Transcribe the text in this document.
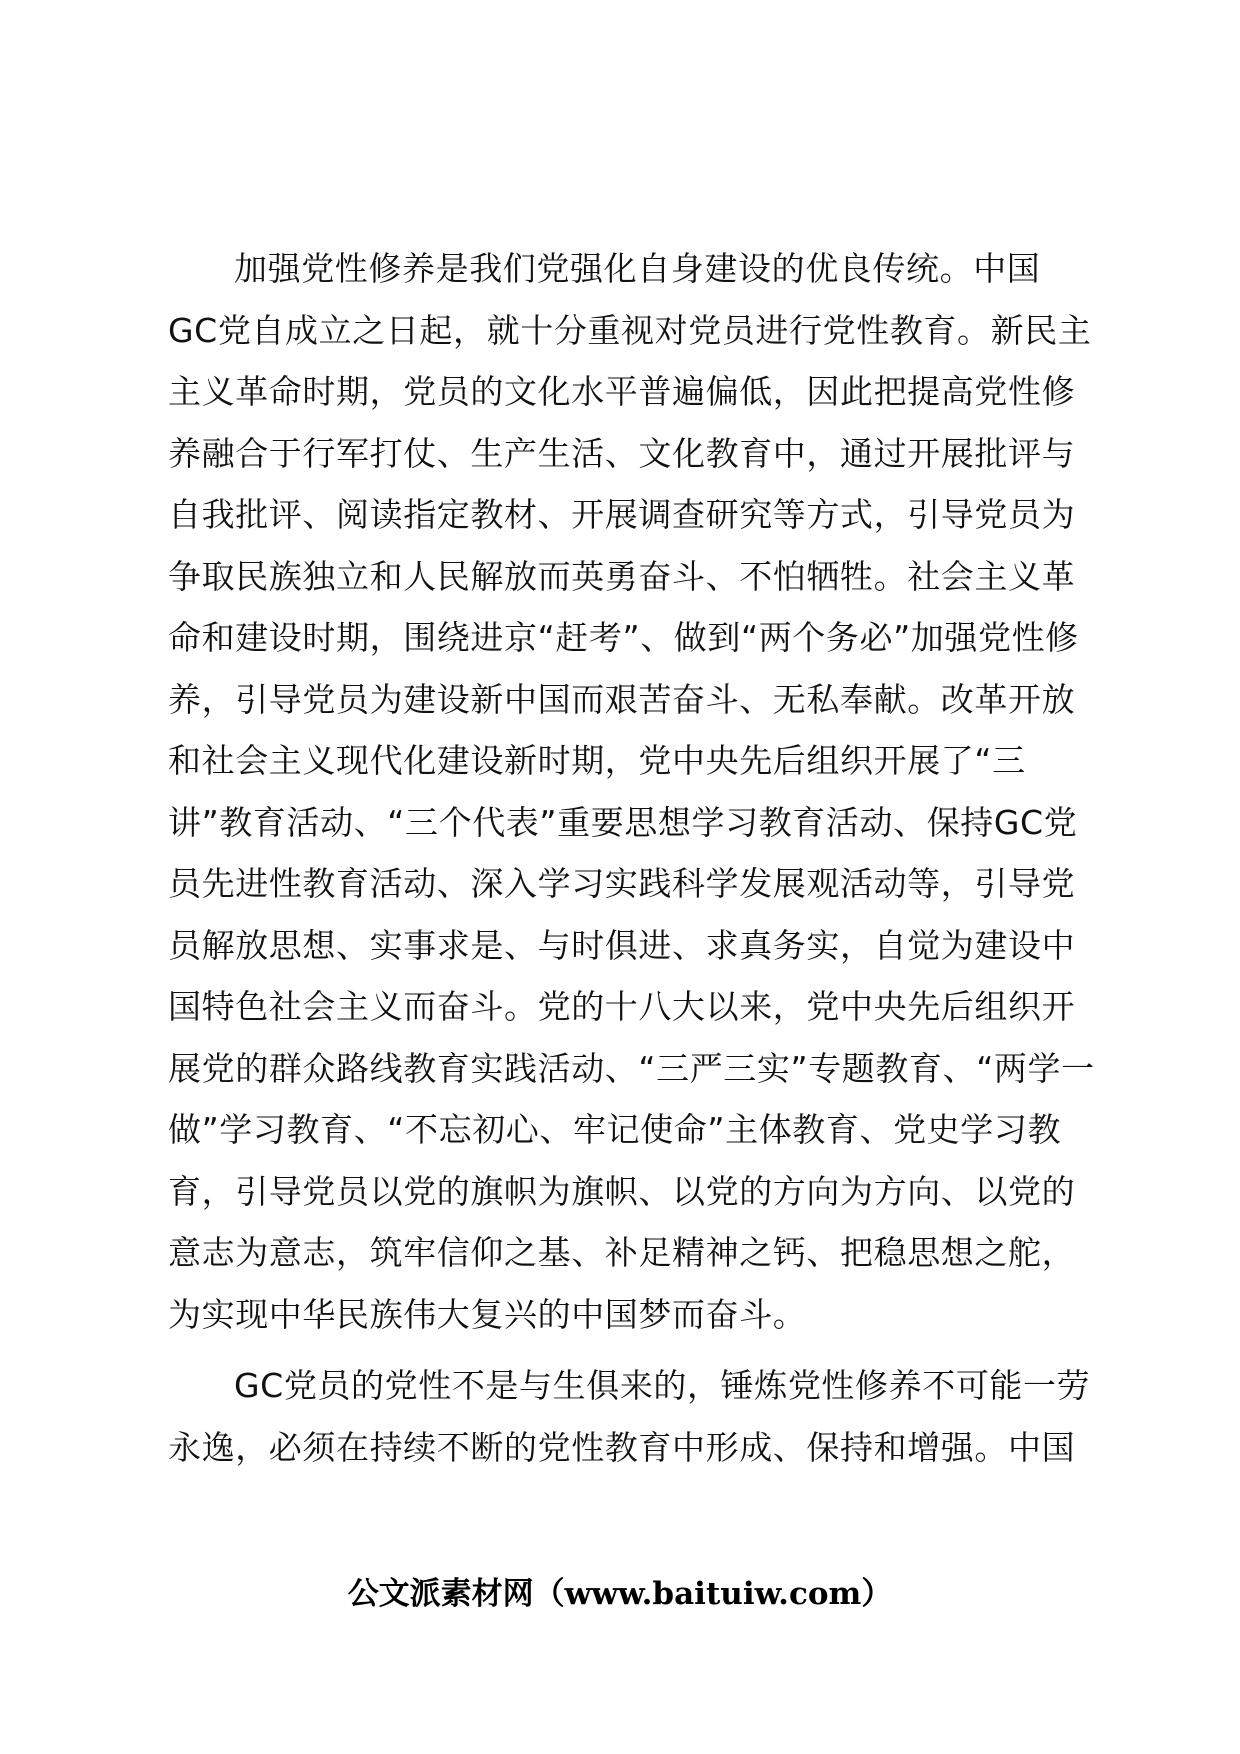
加强党性修养是我们党强化自身建设的优良传统。中国
GC党自成立之日起，就十分重视对党员进行党性教育。新民主
主义革命时期，党员的文化水平普遍偏低，因此把提高党性修
养融合于行军打仗、生产生活、文化教育中，通过开展批评与
自我批评、阅读指定教材、开展调查研究等方式，引导党员为
争取民族独立和人民解放而英勇奋斗、不怕牺牲。社会主义革
命和建设时期，围绕进京“赶考”、做到“两个务必”加强党性修
养，引导党员为建设新中国而艰苦奋斗、无私奉献。改革开放
和社会主义现代化建设新时期，党中央先后组织开展了“三
讲”教育活动、“三个代表”重要思想学习教育活动、保持GC党
员先进性教育活动、深入学习实践科学发展观活动等，引导党
员解放思想、实事求是、与时俱进、求真务实，自觉为建设中
国特色社会主义而奋斗。党的十八大以来，党中央先后组织开
展党的群众路线教育实践活动、“三严三实”专题教育、“两学一
做”学习教育、“不忘初心、牢记使命”主体教育、党史学习教
育，引导党员以党的旗帜为旗帜、以党的方向为方向、以党的
意志为意志，筑牢信仰之基、补足精神之钙、把稳思想之舵，
为实现中华民族伟大复兴的中国梦而奋斗。
GC党员的党性不是与生俱来的，锤炼党性修养不可能一劳
永逸，必须在持续不断的党性教育中形成、保持和增强。中国
公文派素材网（www.baituiw.com）
